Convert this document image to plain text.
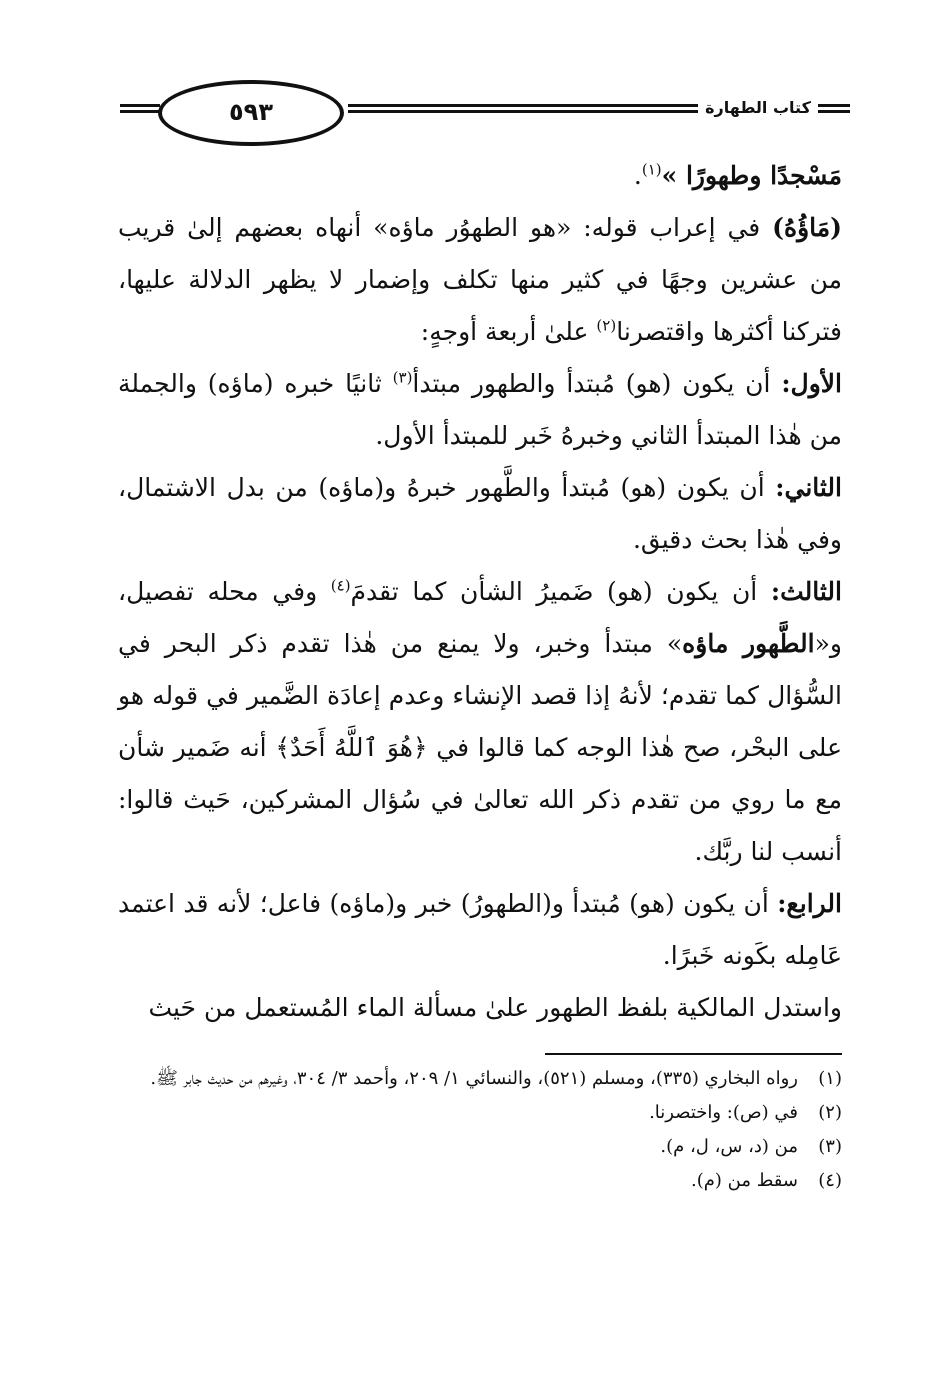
٥٩٣	كتاب الطهارة

مَسْجدًا وطهورًا »$^{(١)}$.

(مَاؤُهُ) في إعراب قوله: «هو الطهوُر ماؤه» أنهاه بعضهم إلىٰ قريب من عشرين وجهًا في كثير منها تكلف وإضمار لا يظهر الدلالة عليها، فتركنا أكثرها واقتصرنا$^{(٢)}$ علىٰ أربعة أوجهٍ:

الأول: أن يكون (هو) مُبتدأ والطهور مبتدأ$^{(٣)}$ ثانيًا خبره (ماؤه) والجملة من هٰذا المبتدأ الثاني وخبرهُ خَبر للمبتدأ الأول.

الثاني: أن يكون (هو) مُبتدأ والطَّهور خبرهُ و(ماؤه) من بدل الاشتمال، وفي هٰذا بحث دقيق.

الثالث: أن يكون (هو) ضَميرُ الشأن كما تقدمَ$^{(٤)}$ وفي محله تفصيل، و«الطَّهور ماؤه» مبتدأ وخبر، ولا يمنع من هٰذا تقدم ذكر البحر في السُّؤال كما تقدم؛ لأنهُ إذا قصد الإنشاء وعدم إعادَة الضَّمير في قوله هو على البحْر، صح هٰذا الوجه كما قالوا في ﴿هُوَ ٱللَّهُ أَحَدٌ﴾ أنه ضَمير شأن مع ما روي من تقدم ذكر الله تعالىٰ في سُؤال المشركين، حَيث قالوا: أنسب لنا ربَّك.

الرابع: أن يكون (هو) مُبتدأ و(الطهورُ) خبر و(ماؤه) فاعل؛ لأنه قد اعتمد عَامِله بكَونه خَبرًا.

واستدل المالكية بلفظ الطهور علىٰ مسألة الماء المُستعمل من حَيث

(١)
رواه البخاري (٣٣٥)، ومسلم (٥٢١)، والنسائي ١/ ٢٠٩، وأحمد ٣/ ٣٠٤، وغيرهم من حديث جابر ﷺ.
(٢)
في (ص): واختصرنا.
(٣)
من (د، س، ل، م).
(٤)
سقط من (م).
